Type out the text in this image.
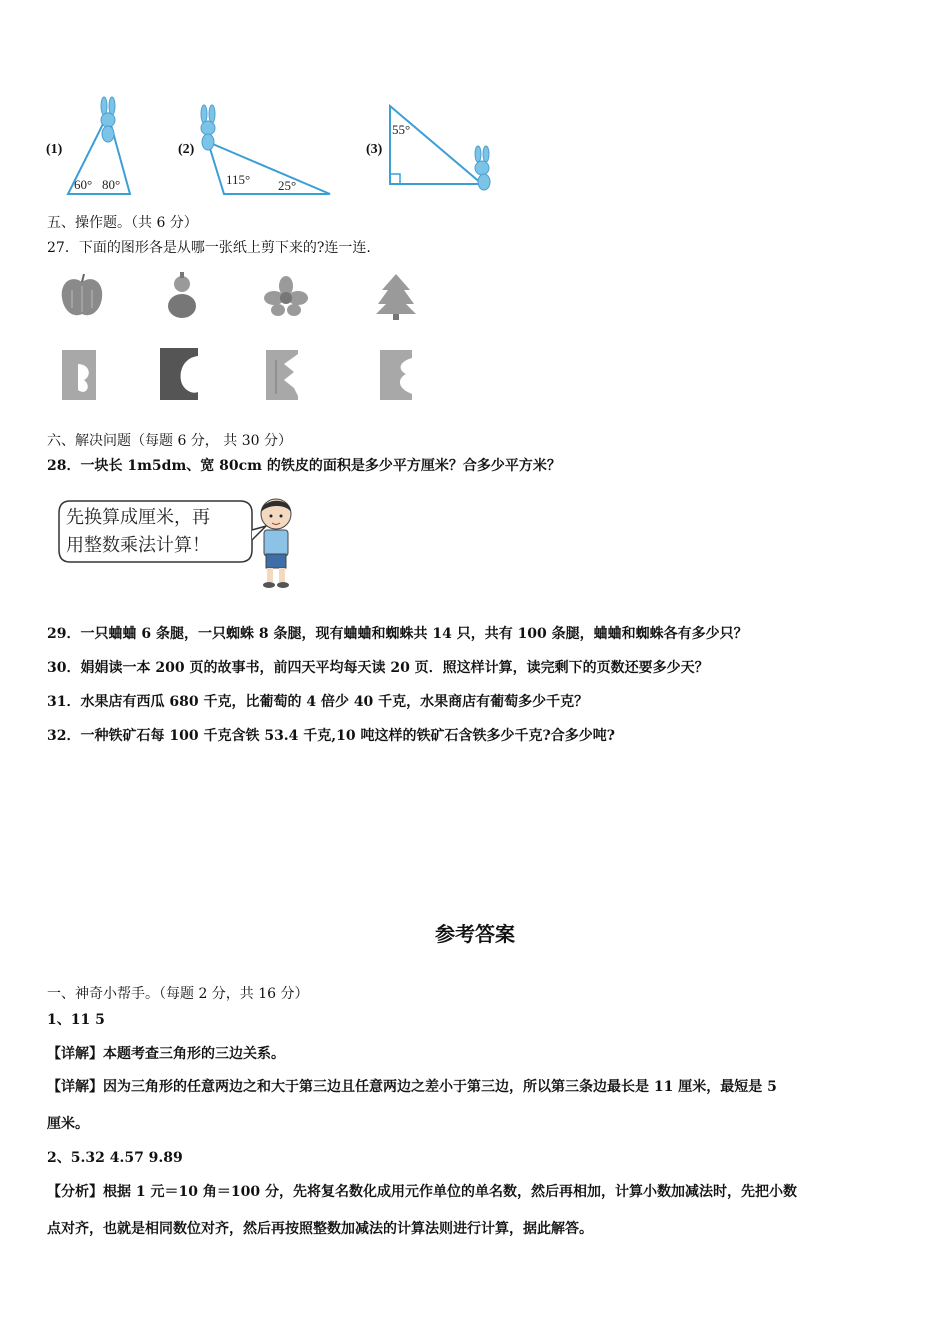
(1)
60° 80°
(2)
115° 25°
(3)
55°
五、操作题。（共 6 分）
27．下面的图形各是从哪一张纸上剪下来的?连一连.
六、解决问题（每题 6 分， 共 30 分）
28．一块长 1m5dm、宽 80cm 的铁皮的面积是多少平方厘米？合多少平方米？
先换算成厘米，再
用整数乘法计算！
29．一只蛐蛐 6 条腿，一只蜘蛛 8 条腿，现有蛐蛐和蜘蛛共 14 只，共有 100 条腿，蛐蛐和蜘蛛各有多少只？
30．娟娟读一本 200 页的故事书，前四天平均每天读 20 页．照这样计算，读完剩下的页数还要多少天？
31．水果店有西瓜 680 千克，比葡萄的 4 倍少 40 千克，水果商店有葡萄多少千克？
32．一种铁矿石每 100 千克含铁 53.4 千克,10 吨这样的铁矿石含铁多少千克?合多少吨?
参考答案
一、神奇小帮手。（每题 2 分，共 16 分）
1、11 5
【详解】本题考查三角形的三边关系。
【详解】因为三角形的任意两边之和大于第三边且任意两边之差小于第三边，所以第三条边最长是 11 厘米，最短是 5
厘米。
2、5.32 4.57 9.89
【分析】根据 1 元＝10 角＝100 分，先将复名数化成用元作单位的单名数，然后再相加，计算小数加减法时，先把小数
点对齐，也就是相同数位对齐，然后再按照整数加减法的计算法则进行计算，据此解答。
